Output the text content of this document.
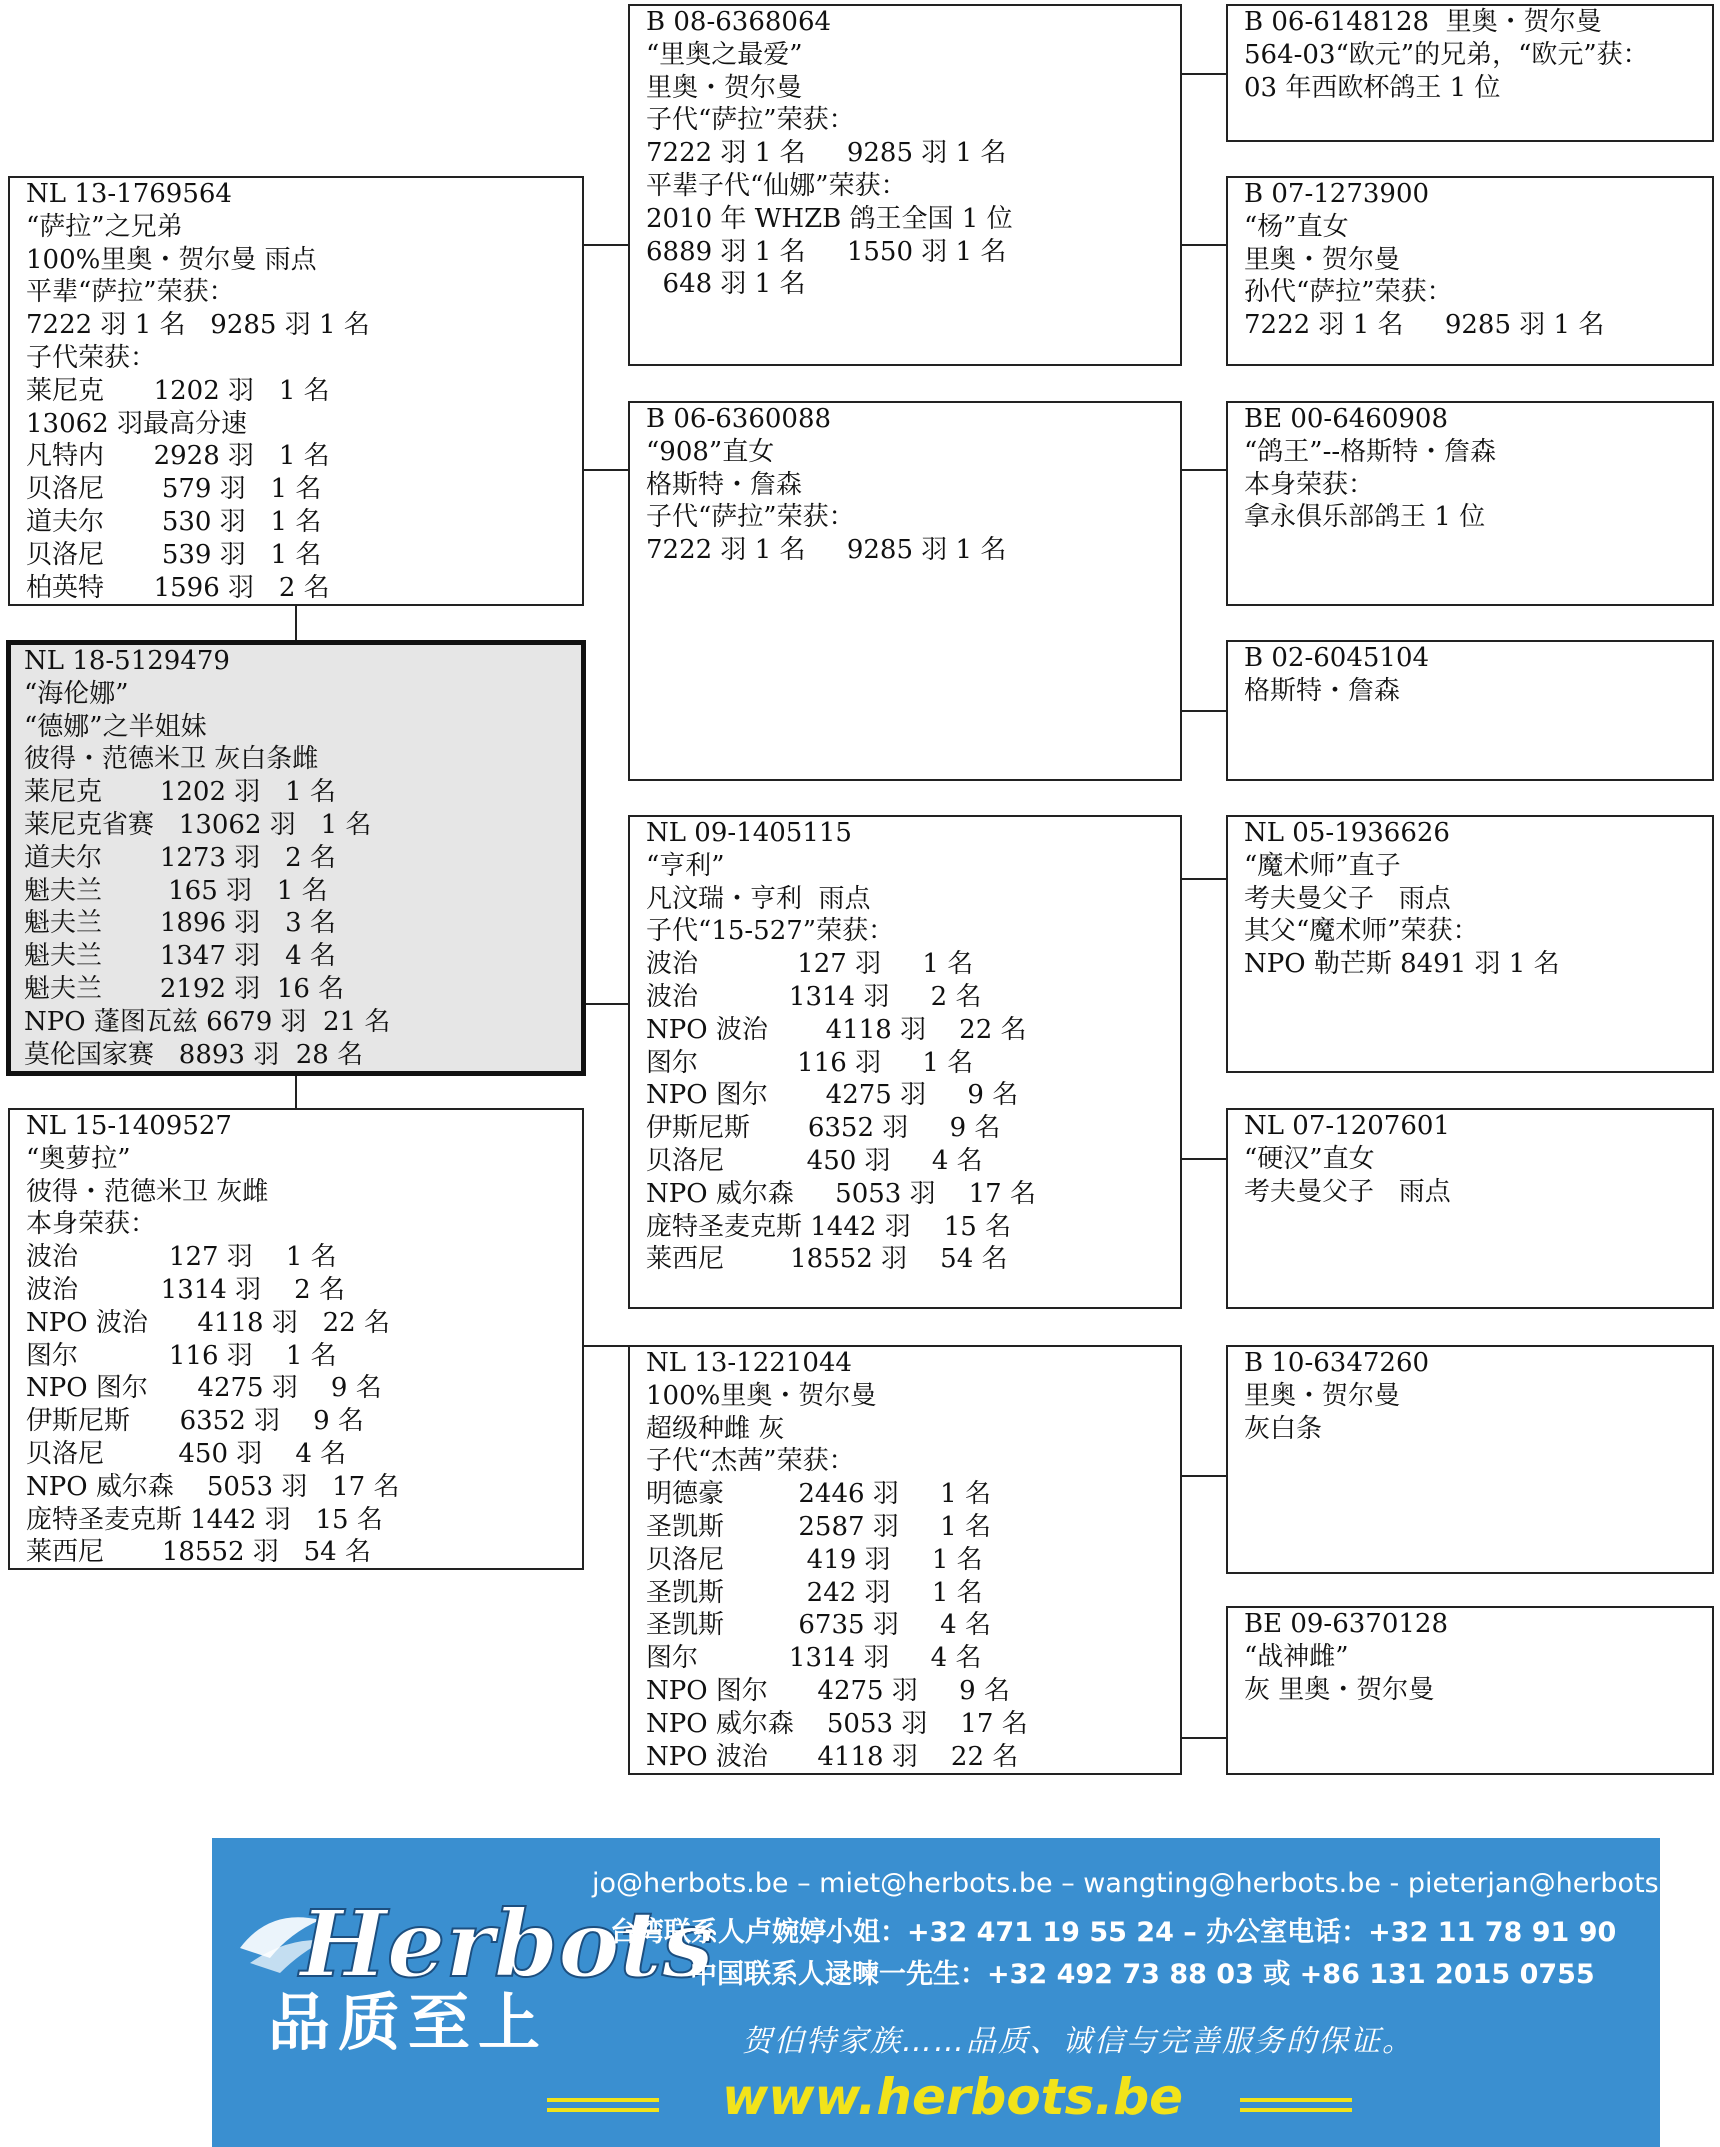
NL 13-1769564
“萨拉”之兄弟
100%里奥・贺尔曼 雨点
平辈“萨拉”荣获：
7222 羽 1 名   9285 羽 1 名
子代荣获：
莱尼克      1202 羽   1 名
13062 羽最高分速
凡特内      2928 羽   1 名
贝洛尼       579 羽   1 名
道夫尔       530 羽   1 名
贝洛尼       539 羽   1 名
柏英特      1596 羽   2 名
NL 18-5129479
“海伦娜”
“德娜”之半姐妹
彼得・范德米卫 灰白条雌
莱尼克       1202 羽   1 名
莱尼克省赛   13062 羽   1 名
道夫尔       1273 羽   2 名
魁夫兰        165 羽   1 名
魁夫兰       1896 羽   3 名
魁夫兰       1347 羽   4 名
魁夫兰       2192 羽  16 名
NPO 蓬图瓦兹 6679 羽  21 名
莫伦国家赛   8893 羽  28 名
NL 15-1409527
“奥萝拉”
彼得・范德米卫 灰雌
本身荣获：
波治           127 羽    1 名
波治          1314 羽    2 名
NPO 波治      4118 羽   22 名
图尔           116 羽    1 名
NPO 图尔      4275 羽    9 名
伊斯尼斯      6352 羽    9 名
贝洛尼         450 羽    4 名
NPO 威尔森    5053 羽   17 名
庞特圣麦克斯 1442 羽   15 名
莱西尼       18552 羽   54 名
B 08-6368064
“里奥之最爱”
里奥・贺尔曼
子代“萨拉”荣获：
7222 羽 1 名     9285 羽 1 名
平辈子代“仙娜”荣获：
2010 年 WHZB 鸽王全国 1 位
6889 羽 1 名     1550 羽 1 名
648 羽 1 名
B 06-6360088
“908”直女
格斯特・詹森
子代“萨拉”荣获：
7222 羽 1 名     9285 羽 1 名
NL 09-1405115
“亨利”
凡汶瑞・亨利  雨点
子代“15-527”荣获：
波治            127 羽     1 名
波治           1314 羽     2 名
NPO 波治       4118 羽    22 名
图尔            116 羽     1 名
NPO 图尔       4275 羽     9 名
伊斯尼斯       6352 羽     9 名
贝洛尼          450 羽     4 名
NPO 威尔森     5053 羽    17 名
庞特圣麦克斯 1442 羽    15 名
莱西尼        18552 羽    54 名
NL 13-1221044
100%里奥・贺尔曼
超级种雌 灰
子代“杰茜”荣获：
明德豪         2446 羽     1 名
圣凯斯         2587 羽     1 名
贝洛尼          419 羽     1 名
圣凯斯          242 羽     1 名
圣凯斯         6735 羽     4 名
图尔           1314 羽     4 名
NPO 图尔      4275 羽     9 名
NPO 威尔森    5053 羽    17 名
NPO 波治      4118 羽    22 名
B 06-6148128  里奥・贺尔曼
564-03“欧元”的兄弟，“欧元”获：
03 年西欧杯鸽王 1 位
B 07-1273900
“杨”直女
里奥・贺尔曼
孙代“萨拉”荣获：
7222 羽 1 名     9285 羽 1 名
BE 00-6460908
“鸽王”--格斯特・詹森
本身荣获：
拿永俱乐部鸽王 1 位
B 02-6045104
格斯特・詹森
NL 05-1936626
“魔术师”直子
考夫曼父子   雨点
其父“魔术师”荣获：
NPO 勒芒斯 8491 羽 1 名
NL 07-1207601
“硬汉”直女
考夫曼父子   雨点
B 10-6347260
里奥・贺尔曼
灰白条
BE 09-6370128
“战神雌”
灰 里奥・贺尔曼
Herbots
品质至上
jo@herbots.be – miet@herbots.be – wangting@herbots.be - pieterjan@herbots.be
台湾联系人卢婉婷小姐：+32 471 19 55 24 – 办公室电话：+32 11 78 91 90
中国联系人逯暕一先生：+32 492 73 88 03 或 +86 131 2015 0755
贺伯特家族……品质、诚信与完善服务的保证。
www.herbots.be
